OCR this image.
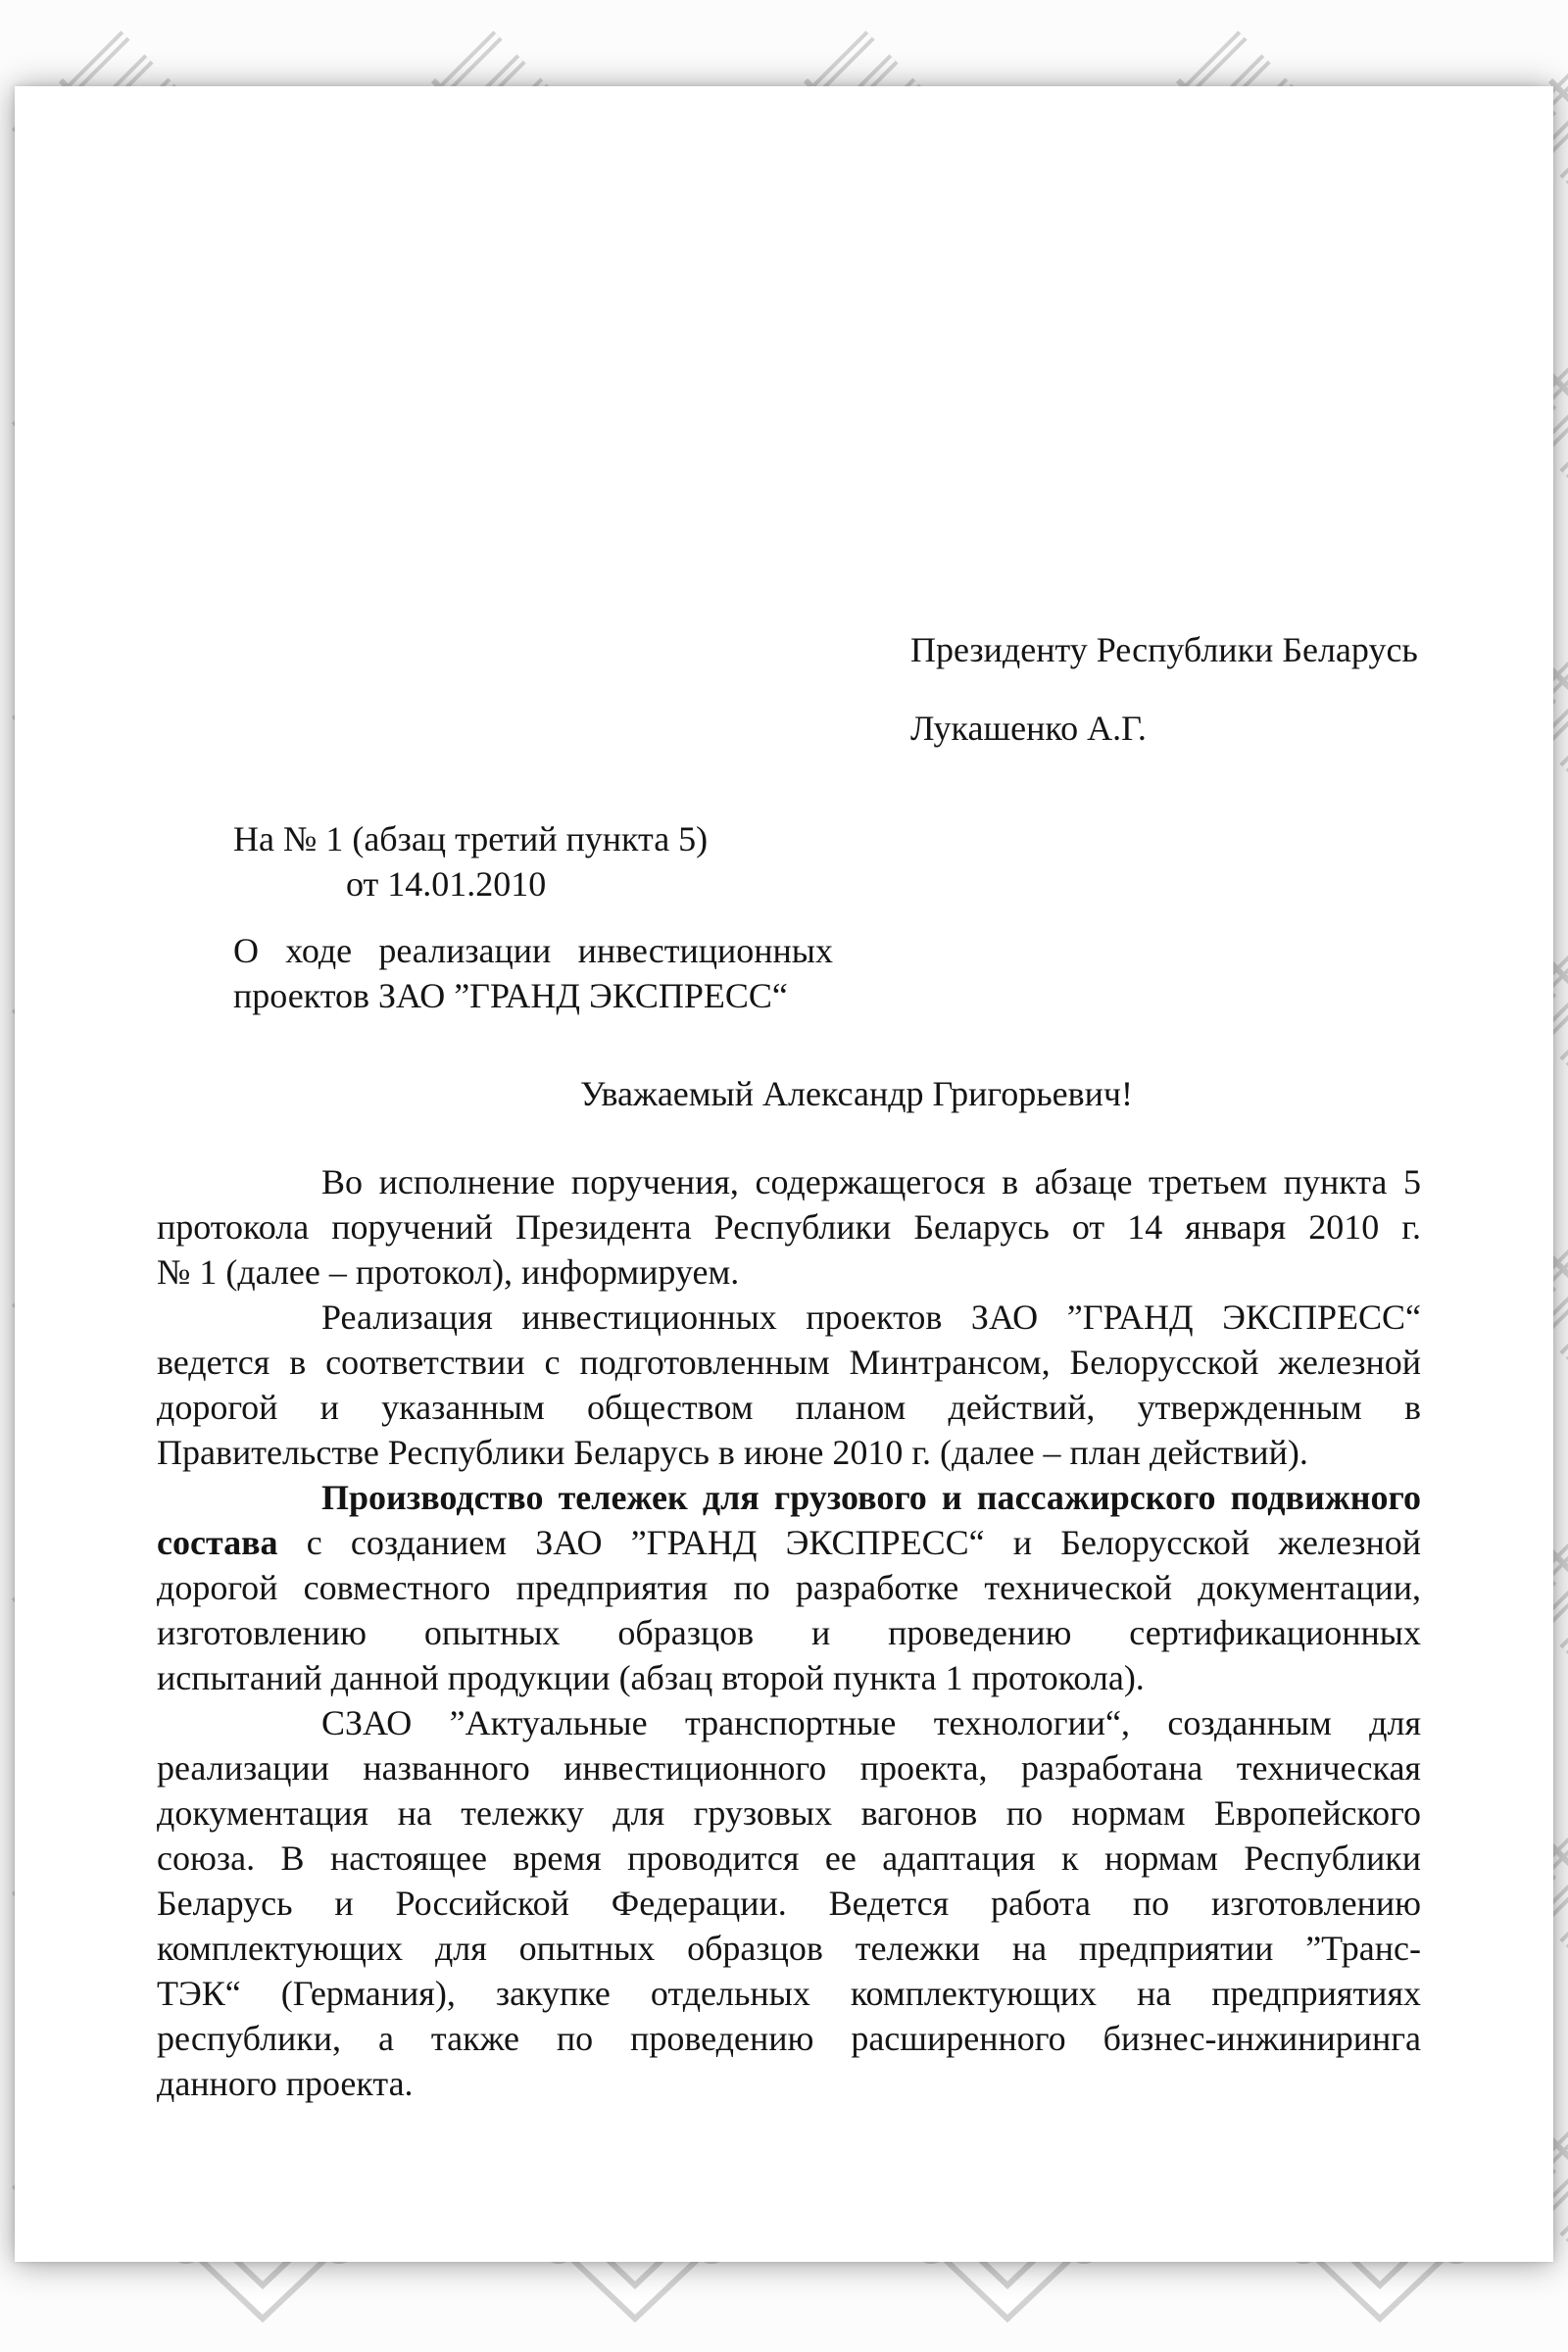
Президенту Республики Беларусь
Лукашенко А.Г.
На № 1 (абзац третий пункта 5)
от 14.01.2010
О ходе реализации инвестиционных
проектов ЗАО ”ГРАНД ЭКСПРЕСС“
Уважаемый Александр Григорьевич!
Во исполнение поручения, содержащегося в абзаце третьем пункта 5
протокола поручений Президента Республики Беларусь от 14 января 2010 г.
№ 1 (далее – протокол), информируем.
Реализация инвестиционных проектов ЗАО ”ГРАНД ЭКСПРЕСС“
ведется в соответствии с подготовленным Минтрансом, Белорусской железной
дорогой и указанным обществом планом действий, утвержденным в
Правительстве Республики Беларусь в июне 2010 г. (далее – план действий).
Производство тележек для грузового и пассажирского подвижного
состава с созданием ЗАО ”ГРАНД ЭКСПРЕСС“ и Белорусской железной
дорогой совместного предприятия по разработке технической документации,
изготовлению опытных образцов и проведению сертификационных
испытаний данной продукции (абзац второй пункта 1 протокола).
СЗАО ”Актуальные транспортные технологии“, созданным для
реализации названного инвестиционного проекта, разработана техническая
документация на тележку для грузовых вагонов по нормам Европейского
союза. В настоящее время проводится ее адаптация к нормам Республики
Беларусь и Российской Федерации. Ведется работа по изготовлению
комплектующих для опытных образцов тележки на предприятии ”Транс-
ТЭК“ (Германия), закупке отдельных комплектующих на предприятиях
республики, а также по проведению расширенного бизнес-инжиниринга
данного проекта.
